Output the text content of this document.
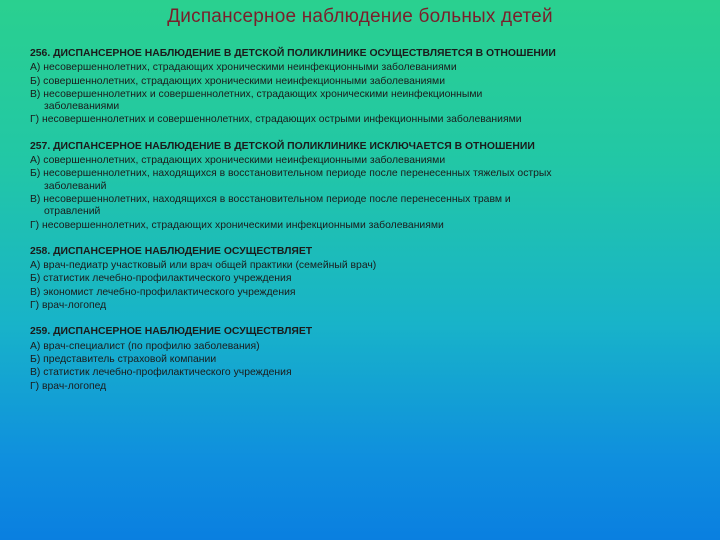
Диспансерное наблюдение больных детей
256. ДИСПАНСЕРНОЕ НАБЛЮДЕНИЕ В ДЕТСКОЙ ПОЛИКЛИНИКЕ ОСУЩЕСТВЛЯЕТСЯ В ОТНОШЕНИИ
А) несовершеннолетних, страдающих хроническими неинфекционными заболеваниями
Б) совершеннолетних, страдающих хроническими неинфекционными заболеваниями
В) несовершеннолетних и совершеннолетних, страдающих хроническими неинфекционными
заболеваниями
Г) несовершеннолетних и совершеннолетних, страдающих острыми инфекционными заболеваниями
257. ДИСПАНСЕРНОЕ НАБЛЮДЕНИЕ В ДЕТСКОЙ ПОЛИКЛИНИКЕ ИСКЛЮЧАЕТСЯ В ОТНОШЕНИИ
А) совершеннолетних, страдающих хроническими неинфекционными заболеваниями
Б) несовершеннолетних, находящихся в восстановительном периоде после перенесенных тяжелых острых
заболеваний
В) несовершеннолетних, находящихся в восстановительном периоде после перенесенных травм и
отравлений
Г) несовершеннолетних, страдающих хроническими инфекционными заболеваниями
258. ДИСПАНСЕРНОЕ НАБЛЮДЕНИЕ ОСУЩЕСТВЛЯЕТ
А) врач-педиатр участковый или врач общей практики (семейный врач)
Б) статистик лечебно-профилактического учреждения
В) экономист лечебно-профилактического учреждения
Г) врач-логопед
259. ДИСПАНСЕРНОЕ НАБЛЮДЕНИЕ ОСУЩЕСТВЛЯЕТ
А) врач-специалист (по профилю заболевания)
Б) представитель страховой компании
В) статистик лечебно-профилактического учреждения
Г) врач-логопед
